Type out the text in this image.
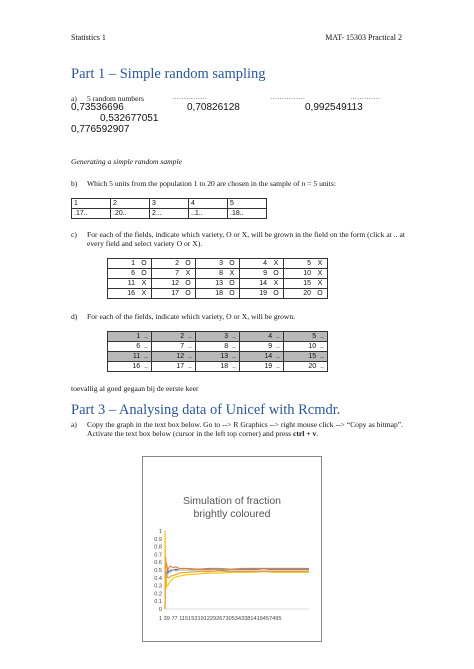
Statistics 1	MAT- 15303 Practical 2
Part 1 – Simple random sampling
a) 5 random numbers	……………	……………	………….
0,73536696	0,70826128	0,992549113
0,532677051
0,776592907
Generating a simple random sample
b) Which 5 units from the population 1 to 20 are chosen in the sample of n = 5 units:
1	2	3	4	5
.17..	.20..	2...	..1..	.18..
c) For each of the fields, indicate which variety, O or X, will be grown in the field on the form (click at .. at every field and select variety O or X).
1 O	2 O	3 O	4 X	5 X

6 O	7 X	8 X	9 O	10 X

11 X	12 O	13 O	14 X	15 X

16 X	17 O	18 O	19 O	20 O
d) For each of the fields, indicate which variety, O or X, will be grown.
1 ..	2 ..	3 ..	4 ..	5 ..

6 ..	7 ..	8 ..	9 ..	10 ..

11 ..	12 ..	13 ..	14 ..	15 ..

16 ..	17 ..	18 ..	19 ..	20 ..
toevallig al goed gegaan bij de eerste keer
Part 3 – Analysing data of Unicef with Rcmdr.
a) Copy the graph in the text box below. Go to --> R Graphics --> right mouse click --> “Copy as bitmap”. Activate the text box below (cursor in the left top corner) and press ctrl + v.
Simulation of fraction
brightly coloured
0
0.1
0.2
0.3
0.4
0.5
0.6
0.7
0.8
0.9
1
1 39 77 115153191229267305343381419457495
